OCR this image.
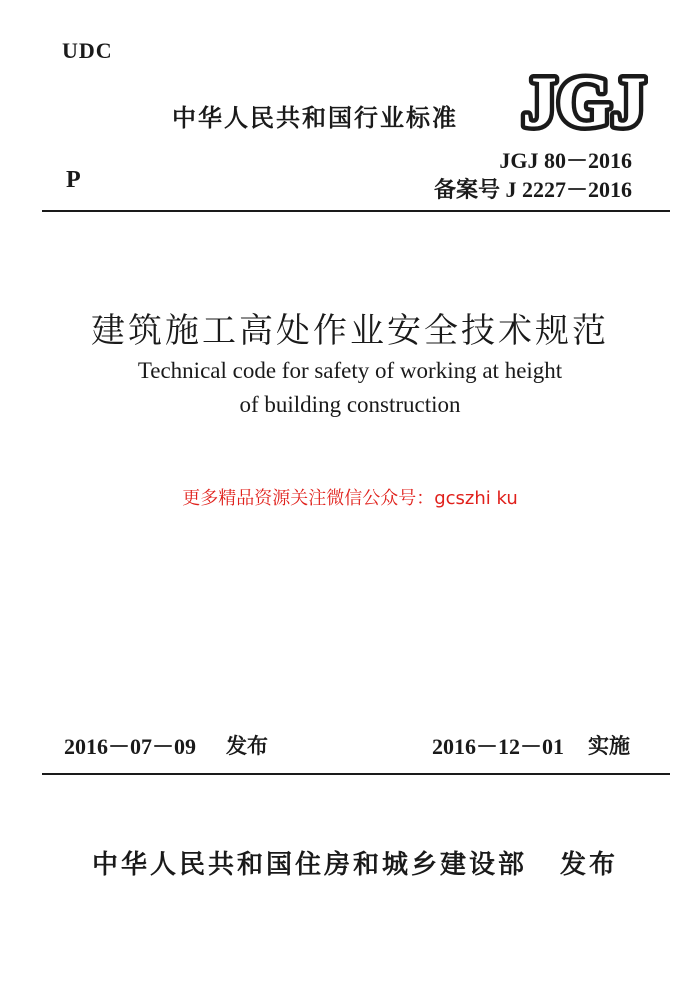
UDC
中华人民共和国行业标准 JGJ
JGJ 80－2016
P	备案号 J 2227－2016
建筑施工高处作业安全技术规范
Technical code for safety of working at height
of building construction
更多精品资源关注微信公众号：gcszhi ku
2016－07－09 发布	2016－12－01 实施
中华人民共和国住房和城乡建设部 发布
